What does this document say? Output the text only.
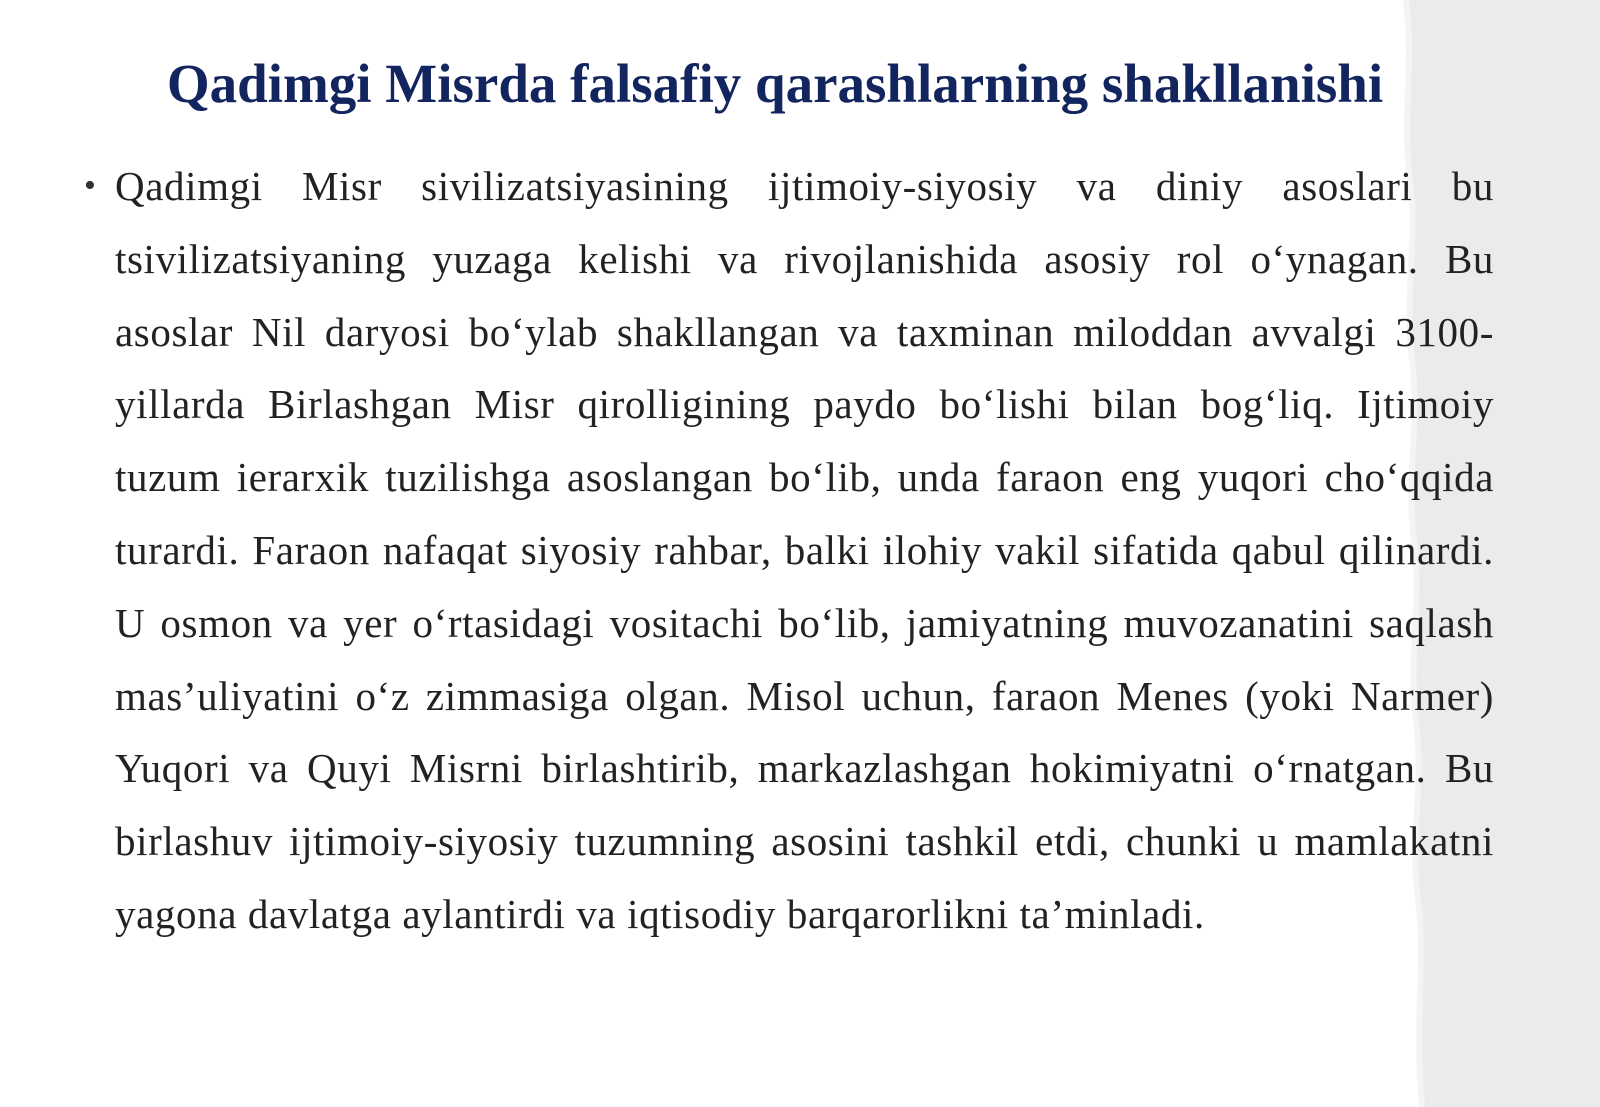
Qadimgi Misrda falsafiy qarashlarning shakllanishi
• Qadimgi Misr sivilizatsiyasining ijtimoiy-siyosiy va diniy asoslari bu tsivilizatsiyaning yuzaga kelishi va rivojlanishida asosiy rol o‘ynagan. Bu asoslar Nil daryosi bo‘ylab shakllangan va taxminan miloddan avvalgi 3100-yillarda Birlashgan Misr qirolligining paydo bo‘lishi bilan bog‘liq. Ijtimoiy tuzum ierarxik tuzilishga asoslangan bo‘lib, unda faraon eng yuqori cho‘qqida turardi. Faraon nafaqat siyosiy rahbar, balki ilohiy vakil sifatida qabul qilinardi. U osmon va yer o‘rtasidagi vositachi bo‘lib, jamiyatning muvozanatini saqlash mas’uliyatini o‘z zimmasiga olgan. Misol uchun, faraon Menes (yoki Narmer) Yuqori va Quyi Misrni birlashtirib, markazlashgan hokimiyatni o‘rnatgan. Bu birlashuv ijtimoiy-siyosiy tuzumning asosini tashkil etdi, chunki u mamlakatni yagona davlatga aylantirdi va iqtisodiy barqarorlikni ta’minladi.
